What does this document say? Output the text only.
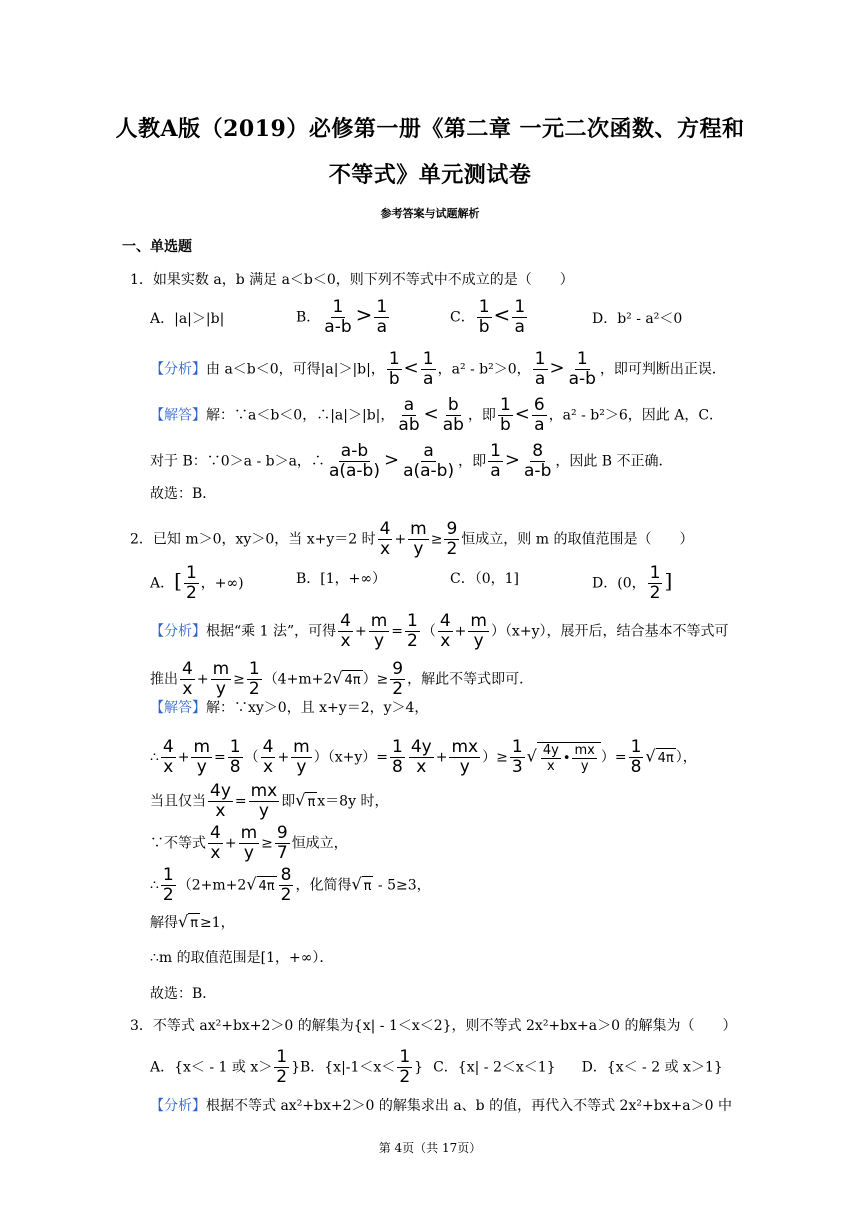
人教A版（2019）必修第一册《第二章 一元二次函数、方程和
不等式》单元测试卷
参考答案与试题解析
一、单选题
1．如果实数 a，b 满足 a＜b＜0，则下列不等式中不成立的是（　　）
A．|a|＞|b|	B． $\frac{1}{a-b} > \frac{1}{a}$	C． $\frac{1}{b} < \frac{1}{a}$	D．b² - a²＜0
【分析】由 a＜b＜0，可得|a|＞|b|， $\frac{1}{b} < \frac{1}{a}$ ，a² - b²＞0， $\frac{1}{a} > \frac{1}{a-b}$ ，即可判断出正误．
【解答】解：∵a＜b＜0，∴|a|＞|b|， $\frac{a}{ab} < \frac{b}{ab}$ ，即 $\frac{1}{b} < \frac{6}{a}$ ，a² - b²＞6，因此 A，C．
对于 B：∵0＞a - b＞a，∴ $\frac{a-b}{a(a-b)} > \frac{a}{a(a-b)}$ ，即 $\frac{1}{a} > \frac{8}{a-b}$ ，因此 B 不正确．
故选：B．
2．已知 m＞0，xy＞0，当 x+y＝2 时 $\frac{4}{x} + \frac{m}{y} \ge \frac{9}{2}$ 恒成立，则 m 的取值范围是（　　）
A．[ $\frac{1}{2}$ ，+∞)	B．[1，+∞）	C．（0，1]	D．(0， $\frac{1}{2}$ ]
【分析】根据“乘 1 法”，可得 $\frac{4}{x} + \frac{m}{y} = \frac{1}{2}$ （ $\frac{4}{x} + \frac{m}{y} )(x+y)$，展开后，结合基本不等式可
推出 $\frac{4}{x} + \frac{m}{y} \ge \frac{1}{2} (4+m+2√$ 4π ）≥ $\frac{9}{2}$ ，解此不等式即可．
【解答】解：∵xy＞0，且 x+y＝2，y＞4，
∴ $\frac{4}{x} + \frac{m}{y} = \frac{1}{8}$ （ $\frac{4}{x} + \frac{m}{y} )(x+y)= \frac{1}{8} \frac{4y}{x} + \frac{mx}{y}$ ）≥ $\frac{1}{3}$ √ $\frac{4y}{x}$ • $\frac{mx}{y}$ ）= $\frac{1}{8}$ √ 4π ），
当且仅当 $\frac{4y}{x} = \frac{mx}{y}$ 即√ π x＝8y 时，
∵不等式 $\frac{4}{x} + \frac{m}{y} \ge \frac{9}{7}$ 恒成立，
∴ $\frac{1}{2} (2+m+2√$ $4\pi \frac{8}{2}$ ，化简得√ π - 5≥3，
解得√ π ≥1，
∴m 的取值范围是[1，+∞）．
故选：B．
3．不等式 ax²+bx+2＞0 的解集为{x| - 1＜x＜2}，则不等式 2x²+bx+a＞0 的解集为（　　）
A．{x＜ - 1 或 $x> \frac{1}{2} \}B$．{$x|-1<x< \frac{1}{2}$ } C．{x| - 2＜x＜1} D．{x＜ - 2 或 x＞1}
【分析】根据不等式 ax²+bx+2＞0 的解集求出 a、b 的值，再代入不等式 2x²+bx+a＞0 中
第 4页（共 17页）
